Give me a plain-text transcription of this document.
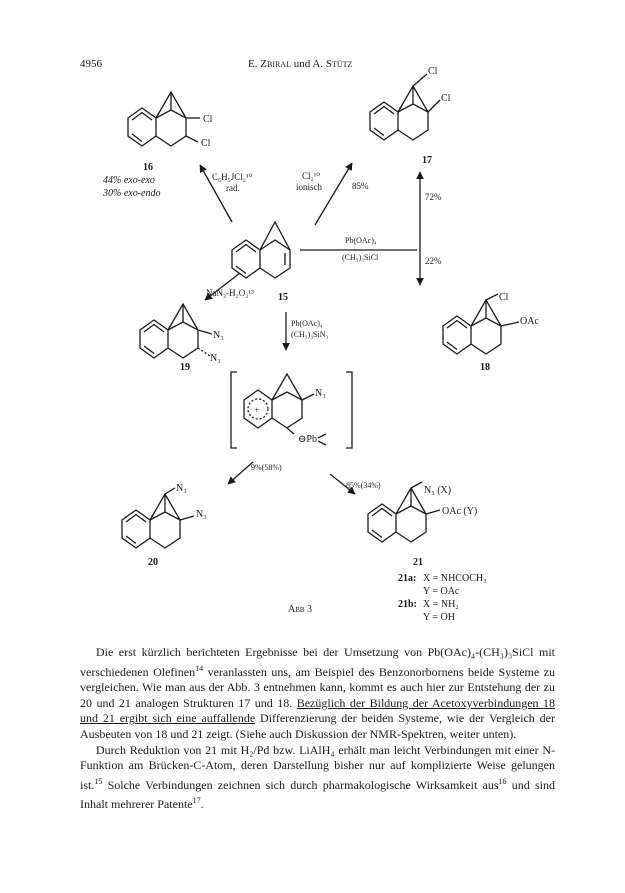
4956	E. Zbiral und A. Stütz
Cl
Cl
16
44% exo-exo
30% exo-endo
Cl
Cl
17
15
C₆H₅JCl₂¹⁰
rad.
Cl₂¹⁰
ionisch	85%
Pb(OAc)₄
(CH₃)₃SiCl
72%
22%
NaN₃-H₂O₂¹³
Pb(OAc)₄
(CH₃)₃SiN₃
N₃
N₃
19
Cl
OAc
18
+
N₃
⊖Pb
9%(58%)
85%(34%)
N₃
N₃
20
N₃ (X)
OAc (Y)
21
21a: X = NHCOCH₃
Y = OAc
21b: X = NH₂
Y = OH
Abb 3

Die erst kürzlich berichteten Ergebnisse bei der Umsetzung von Pb(OAc)₄-(CH₃)₃SiCl mit verschiedenen Olefinen$^{14}$ veranlassten uns, am Beispiel des Benzonorbornens beide Systeme zu vergleichen. Wie man aus der Abb. 3 entnehmen kann, kommt es auch hier zur Entstehung der zu 20 und 21 analogen Strukturen 17 und 18. Bezüglich der Bildung der Acetoxyverbindungen 18 und 21 ergibt sich eine auffallende Differenzierung der beiden Systeme, wie der Vergleich der Ausbeuten von 18 und 21 zeigt. (Siehe auch Diskussion der NMR-Spektren, weiter unten).

Durch Reduktion von 21 mit H₂/Pd bzw. LiAlH₄ erhält man leicht Verbindungen mit einer N-Funktion am Brücken-C-Atom, deren Darstellung bisher nur auf komplizierte Weise gelungen ist.$^{15}$ Solche Verbindungen zeichnen sich durch pharmakologische Wirksamkeit aus$^{16}$ und sind Inhalt mehrerer Patente$^{17}$.
